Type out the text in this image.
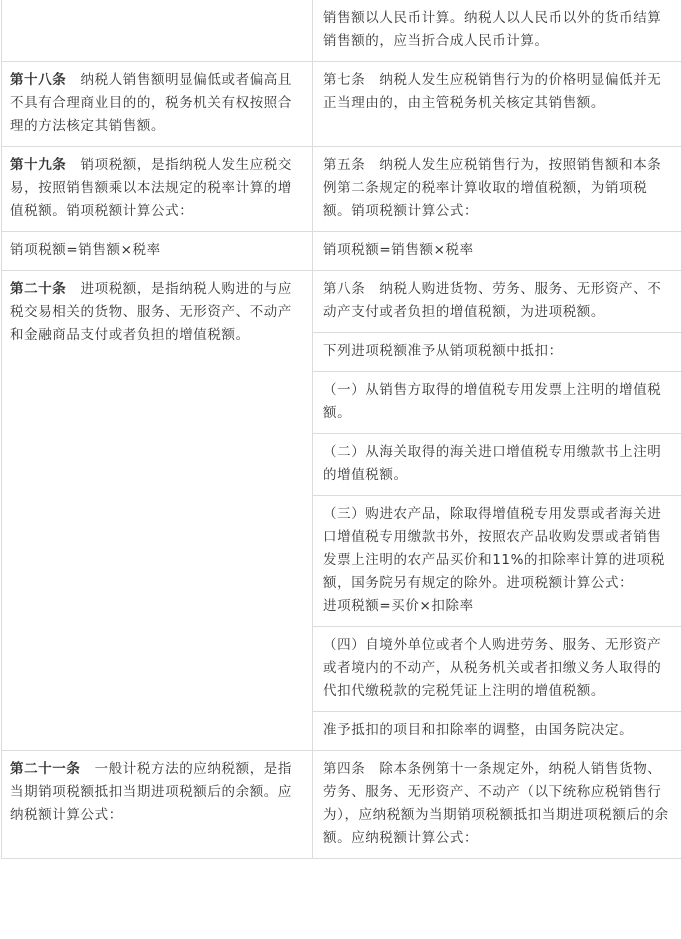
销售额以人民币计算。纳税人以人民币以外的货币结算销售额的，应当折合成人民币计算。
第十八条　纳税人销售额明显偏低或者偏高且不具有合理商业目的的，税务机关有权按照合理的方法核定其销售额。
第七条　纳税人发生应税销售行为的价格明显偏低并无正当理由的，由主管税务机关核定其销售额。
第十九条　销项税额，是指纳税人发生应税交易，按照销售额乘以本法规定的税率计算的增值税额。销项税额计算公式：
第五条　纳税人发生应税销售行为，按照销售额和本条例第二条规定的税率计算收取的增值税额，为销项税额。销项税额计算公式：
销项税额=销售额×税率	销项税额=销售额×税率
第二十条　进项税额，是指纳税人购进的与应税交易相关的货物、服务、无形资产、不动产和金融商品支付或者负担的增值税额。
第八条　纳税人购进货物、劳务、服务、无形资产、不动产支付或者负担的增值税额，为进项税额。
下列进项税额准予从销项税额中抵扣：
（一）从销售方取得的增值税专用发票上注明的增值税额。
（二）从海关取得的海关进口增值税专用缴款书上注明的增值税额。
（三）购进农产品，除取得增值税专用发票或者海关进口增值税专用缴款书外，按照农产品收购发票或者销售发票上注明的农产品买价和11%的扣除率计算的进项税额，国务院另有规定的除外。进项税额计算公式：
进项税额=买价×扣除率
（四）自境外单位或者个人购进劳务、服务、无形资产或者境内的不动产，从税务机关或者扣缴义务人取得的代扣代缴税款的完税凭证上注明的增值税额。
准予抵扣的项目和扣除率的调整，由国务院决定。
第二十一条　一般计税方法的应纳税额，是指当期销项税额抵扣当期进项税额后的余额。应纳税额计算公式：
第四条　除本条例第十一条规定外，纳税人销售货物、劳务、服务、无形资产、不动产（以下统称应税销售行为），应纳税额为当期销项税额抵扣当期进项税额后的余额。应纳税额计算公式：
